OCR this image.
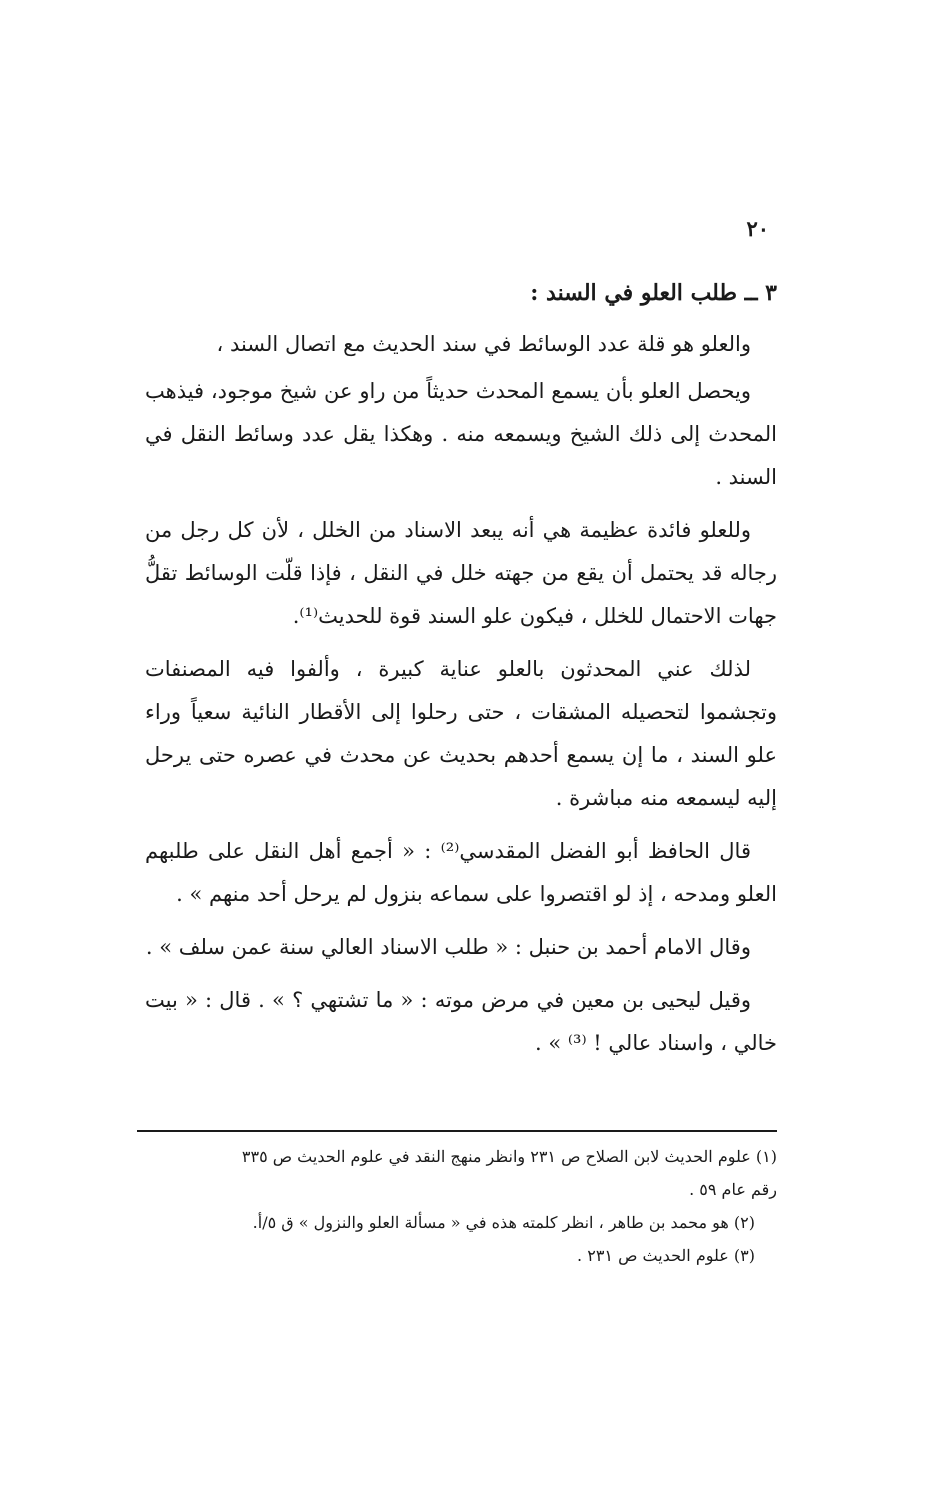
٢٠

٣ ــ طلب العلو في السند :

والعلو هو قلة عدد الوسائط في سند الحديث مع اتصال السند ،

ويحصل العلو بأن يسمع المحدث حديثاً من راو عن شيخ موجود، فيذهب المحدث إلى ذلك الشيخ ويسمعه منه . وهكذا يقل عدد وسائط النقل في السند .

وللعلو فائدة عظيمة هي أنه يبعد الاسناد من الخلل ، لأن كل رجل من رجاله قد يحتمل أن يقع من جهته خلل في النقل ، فإذا قلّت الوسائط تقلُّ جهات الاحتمال للخلل ، فيكون علو السند قوة للحديث⁽¹⁾.

لذلك عني المحدثون بالعلو عناية كبيرة ، وألفوا فيه المصنفات وتجشموا لتحصيله المشقات ، حتى رحلوا إلى الأقطار النائية سعياً وراء علو السند ، ما إن يسمع أحدهم بحديث عن محدث في عصره حتى يرحل إليه ليسمعه منه مباشرة .

قال الحافظ أبو الفضل المقدسي⁽²⁾ : « أجمع أهل النقل على طلبهم العلو ومدحه ، إذ لو اقتصروا على سماعه بنزول لم يرحل أحد منهم » .

وقال الامام أحمد بن حنبل : « طلب الاسناد العالي سنة عمن سلف » .

وقيل ليحيى بن معين في مرض موته : « ما تشتهي ؟ » . قال : « بيت خالي ، واسناد عالي ! ⁽³⁾ » .

(١) علوم الحديث لابن الصلاح ص ٢٣١ وانظر منهج النقد في علوم الحديث ص ٣٣٥

رقم عام ٥٩ .

(٢) هو محمد بن طاهر ، انظر كلمته هذه في « مسألة العلو والنزول » ق ٥/أ.

(٣) علوم الحديث ص ٢٣١ .
